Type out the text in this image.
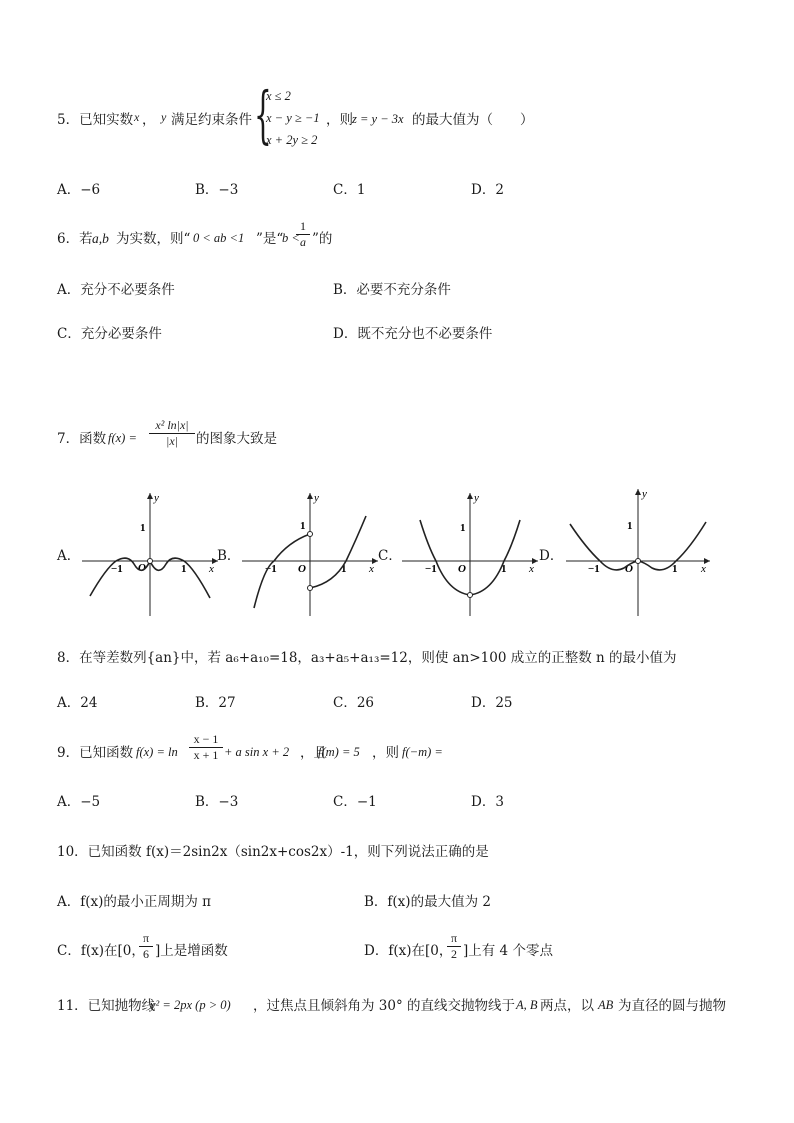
5．已知实数 x ， y 满足约束条件 {
x ≤ 2
x − y ≥ −1
x + 2y ≥ 2
，则 z = y − 3x 的最大值为（　　）
A．−6	B．−3	C．1	D．2
6．若 a,b 为实数，则“ 0 < ab <1 ”是“
b <
$\frac{1}{a}$ ”的
A．充分不必要条件	B．必要不充分条件
C．充分必要条件	D．既不充分也不必要条件
7．函数 $f(x) = \frac{\text{x² ln|x|}}{|x|}$ 的图象大致是
A．
y
x
O
1
−1	1
B．
y
x
O
1
−1	1
C．
y
x
O
1
−1	1
D．
y
x
O
1
−1	1
8．在等差数列{an}中，若 a₆+a₁₀=18，a₃+a₅+a₁₃=12，则使 an>100 成立的正整数 n 的最小值为
A．24	B．27	C．26	D．25
9．已知函数 $f(x) = \ln \frac{x - 1}{x + 1} + a$ sin x + 2 ，且
f(m) = 5 ，则 f(−m) =
A．−5	B．−3	C．−1	D．3
10．已知函数 f(x)＝2sin2x（sin2x+cos2x）-1，则下列说法正确的是
A．f(x)的最小正周期为 π	B．f(x)的最大值为 2
C．f(x)在[0，
$\frac{\pi}{6}$ ]上是增函数	D．f(x)在[0，
$\frac{\pi}{2}$ ]上有 4 个零点
11．已知抛物线
y² = 2px (p > 0) ，过焦点且倾斜角为 30° 的直线交抛物线于 A, B 两点，以 AB 为直径的圆与抛物
